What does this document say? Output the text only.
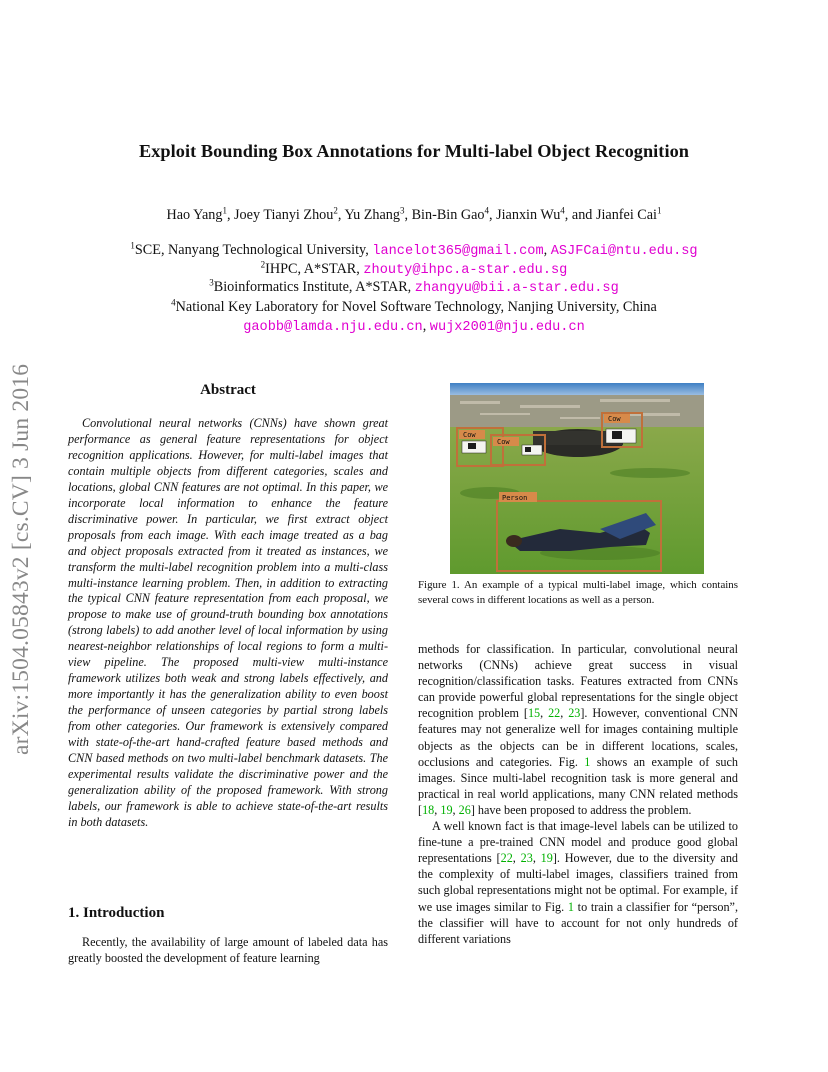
Exploit Bounding Box Annotations for Multi-label Object Recognition
Hao Yang$^1$, Joey Tianyi Zhou$^2$, Yu Zhang$^3$, Bin-Bin Gao$^4$, Jianxin Wu$^4$, and Jianfei Cai$^1$
$^1$SCE, Nanyang Technological University, lancelot365@gmail.com, ASJFCai@ntu.edu.sg
$^2$IHPC, A*STAR, zhouty@ihpc.a-star.edu.sg
$^3$Bioinformatics Institute, A*STAR, zhangyu@bii.a-star.edu.sg
$^4$National Key Laboratory for Novel Software Technology, Nanjing University, China
gaobb@lamda.nju.edu.cn, wujx2001@nju.edu.cn
arXiv:1504.05843v2 [cs.CV] 3 Jun 2016	Abstract
Convolutional neural networks (CNNs) have shown great performance as general feature representations for object recognition applications. However, for multi-label images that contain multiple objects from different categories, scales and locations, global CNN features are not optimal. In this paper, we incorporate local information to enhance the feature discriminative power. In particular, we first extract object proposals from each image. With each image treated as a bag and object proposals extracted from it treated as instances, we transform the multi-label recognition problem into a multi-class multi-instance learning problem. Then, in addition to extracting the typical CNN feature representation from each proposal, we propose to make use of ground-truth bounding box annotations (strong labels) to add another level of local information by using nearest-neighbor relationships of local regions to form a multi-view pipeline. The proposed multi-view multi-instance framework utilizes both weak and strong labels effectively, and more importantly it has the generalization ability to even boost the performance of unseen categories by partial strong labels from other categories. Our framework is extensively compared with state-of-the-art hand-crafted feature based methods and CNN based methods on two multi-label benchmark datasets. The experimental results validate the discriminative power and the generalization ability of the proposed framework. With strong labels, our framework is able to achieve state-of-the-art results in both datasets.
1. Introduction
Recently, the availability of large amount of labeled data has greatly boosted the development of feature learning
Cow
Cow
Cow
Person
Figure 1. An example of a typical multi-label image, which contains several cows in different locations as well as a person.

methods for classification. In particular, convolutional neural networks (CNNs) achieve great success in visual recognition/classification tasks. Features extracted from CNNs can provide powerful global representations for the single object recognition problem [15, 22, 23]. However, conventional CNN features may not generalize well for images containing multiple objects as the objects can be in different locations, scales, occlusions and categories. Fig. 1 shows an example of such images. Since multi-label recognition task is more general and practical in real world applications, many CNN related methods [18, 19, 26] have been proposed to address the problem.

A well known fact is that image-level labels can be utilized to fine-tune a pre-trained CNN model and produce good global representations [22, 23, 19]. However, due to the diversity and the complexity of multi-label images, classifiers trained from such global representations might not be optimal. For example, if we use images similar to Fig. 1 to train a classifier for “person”, the classifier will have to account for not only hundreds of different variations
